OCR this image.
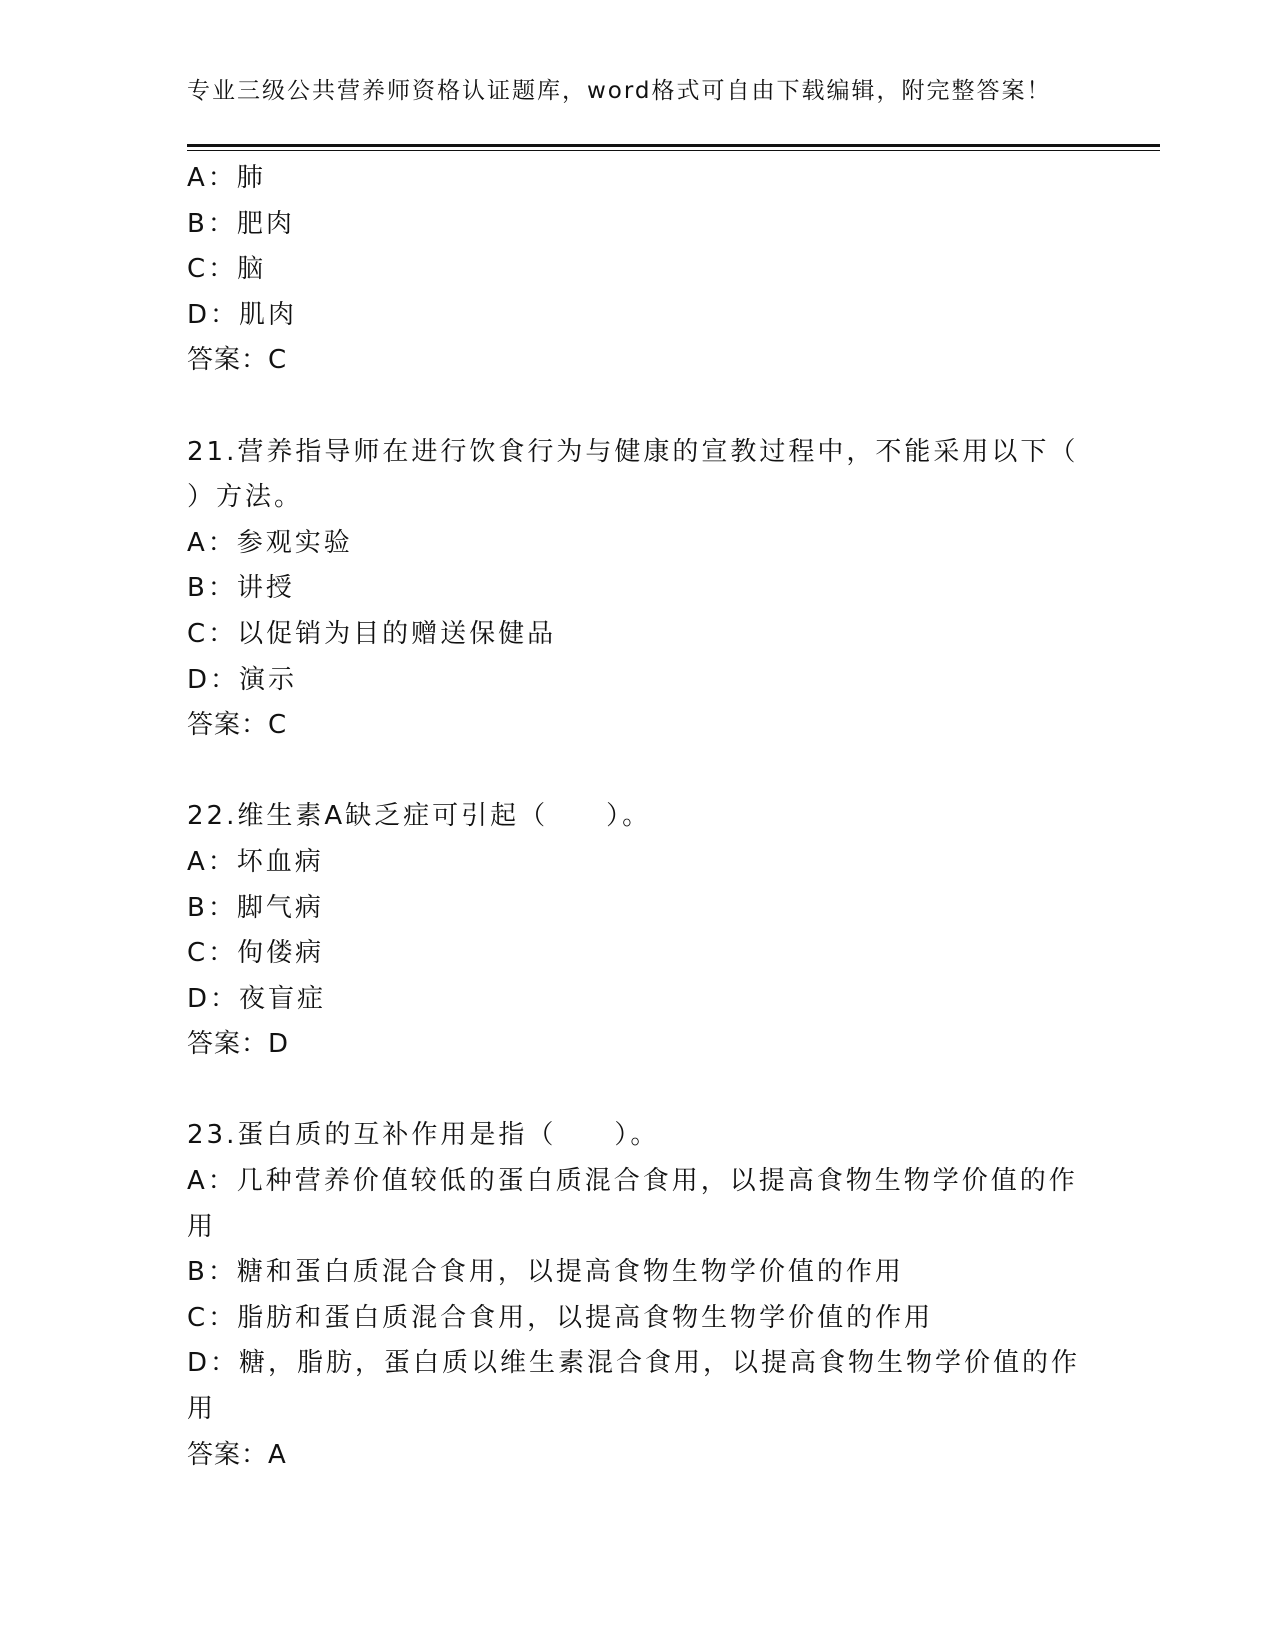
专业三级公共营养师资格认证题库，word格式可自由下载编辑，附完整答案！
A：肺
B：肥肉
C：脑
D：肌肉
答案：C
21.营养指导师在进行饮食行为与健康的宣教过程中，不能采用以下（
）方法。
A：参观实验
B：讲授
C：以促销为目的赠送保健品
D：演示
答案：C
22.维生素A缺乏症可引起（　　）。
A：坏血病
B：脚气病
C：佝偻病
D：夜盲症
答案：D
23.蛋白质的互补作用是指（　　）。
A：几种营养价值较低的蛋白质混合食用，以提高食物生物学价值的作
用
B：糖和蛋白质混合食用，以提高食物生物学价值的作用
C：脂肪和蛋白质混合食用，以提高食物生物学价值的作用
D：糖，脂肪，蛋白质以维生素混合食用，以提高食物生物学价值的作
用
答案：A
